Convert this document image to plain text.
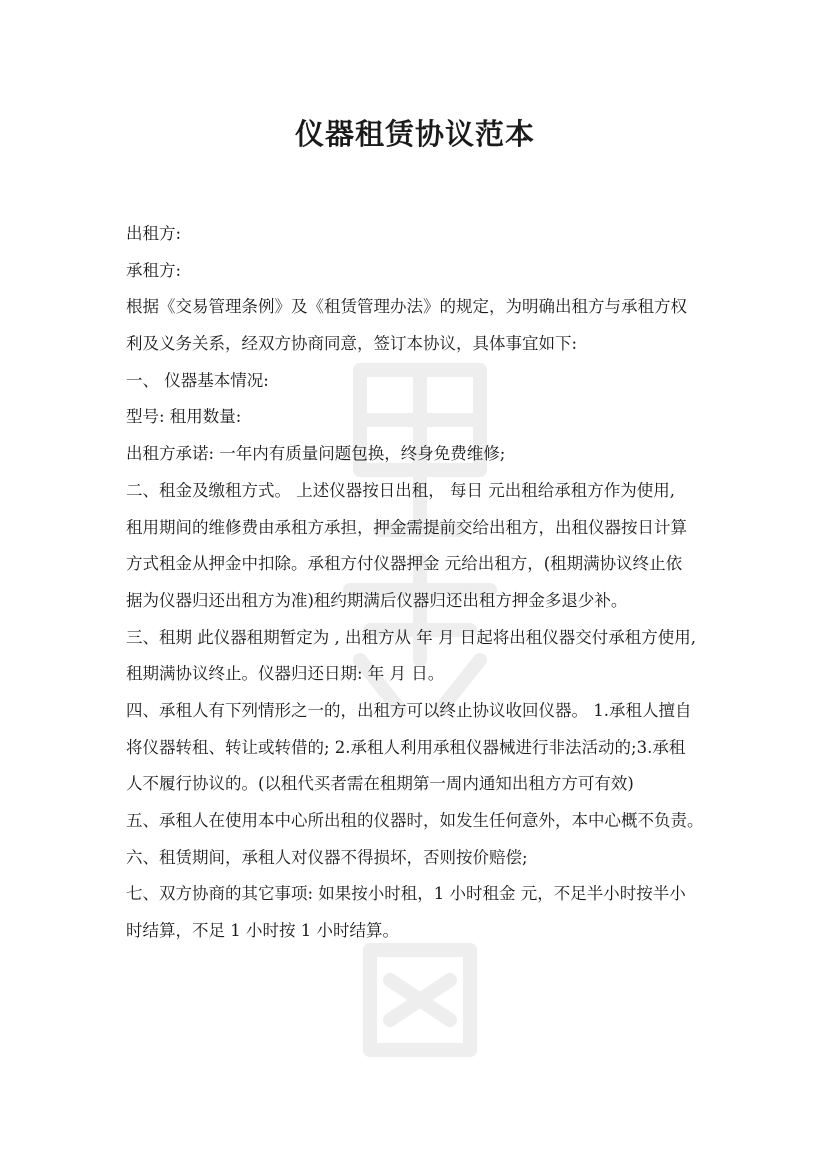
仪器租赁协议范本
出租方:
承租方:
根据《交易管理条例》及《租赁管理办法》的规定，为明确出租方与承租方权
利及义务关系，经双方协商同意，签订本协议，具体事宜如下:
一、 仪器基本情况:
型号: 租用数量:
出租方承诺: 一年内有质量问题包换，终身免费维修;
二、租金及缴租方式。 上述仪器按日出租， 每日 元出租给承租方作为使用,
租用期间的维修费由承租方承担，押金需提前交给出租方，出租仪器按日计算
方式租金从押金中扣除。承租方付仪器押金 元给出租方，(租期满协议终止依
据为仪器归还出租方为准)租约期满后仪器归还出租方押金多退少补。
三、租期 此仪器租期暂定为 , 出租方从 年 月 日起将出租仪器交付承租方使用,
租期满协议终止。仪器归还日期: 年 月 日。
四、承租人有下列情形之一的，出租方可以终止协议收回仪器。 1.承租人擅自
将仪器转租、转让或转借的; 2.承租人利用承租仪器械进行非法活动的;3.承租
人不履行协议的。(以租代买者需在租期第一周内通知出租方方可有效)
五、承租人在使用本中心所出租的仪器时，如发生任何意外，本中心概不负责。
六、租赁期间，承租人对仪器不得损坏，否则按价赔偿;
七、双方协商的其它事项: 如果按小时租，1 小时租金 元，不足半小时按半小
时结算，不足 1 小时按 1 小时结算。
